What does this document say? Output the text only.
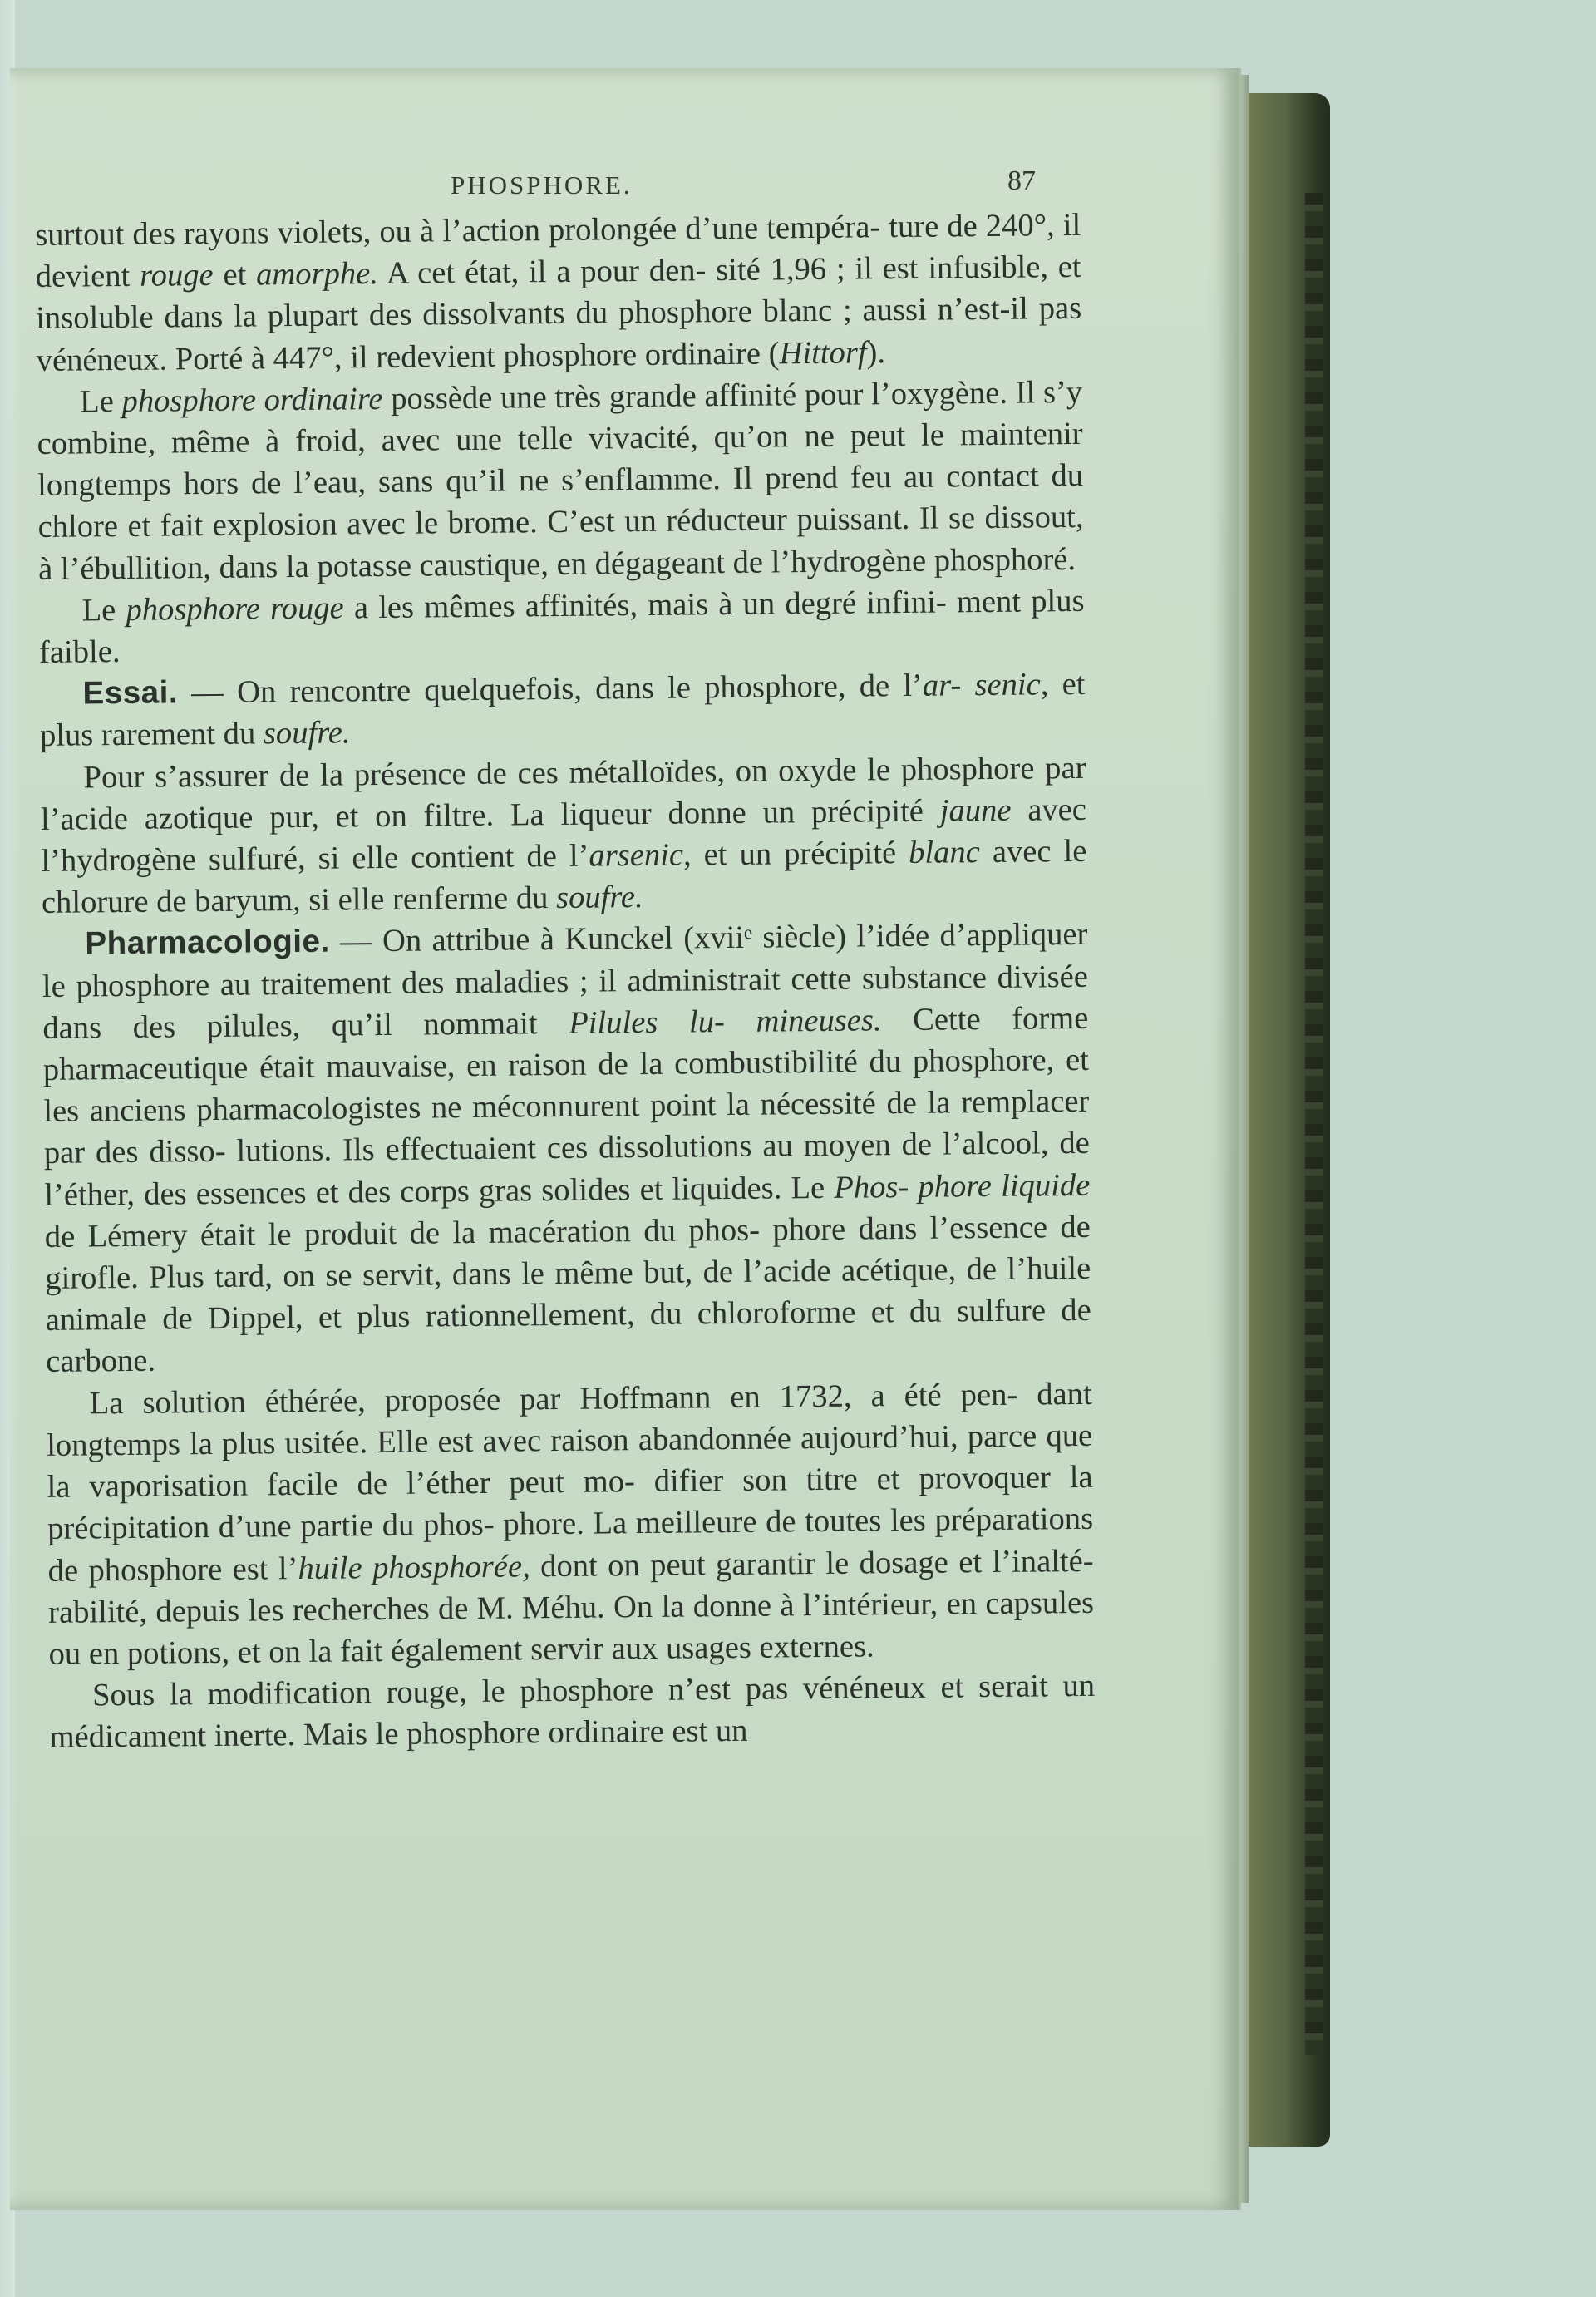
PHOSPHORE.	87

surtout des rayons violets, ou à l’action prolongée d’une tempéra- ture de 240°, il devient rouge et amorphe. A cet état, il a pour den- sité 1,96 ; il est infusible, et insoluble dans la plupart des dissolvants du phosphore blanc ; aussi n’est-il pas vénéneux. Porté à 447°, il redevient phosphore ordinaire (Hittorf).

Le phosphore ordinaire possède une très grande affinité pour l’oxygène. Il s’y combine, même à froid, avec une telle vivacité, qu’on ne peut le maintenir longtemps hors de l’eau, sans qu’il ne s’enflamme. Il prend feu au contact du chlore et fait explosion avec le brome. C’est un réducteur puissant. Il se dissout, à l’ébullition, dans la potasse caustique, en dégageant de l’hydrogène phosphoré.

Le phosphore rouge a les mêmes affinités, mais à un degré infini- ment plus faible.

Essai. — On rencontre quelquefois, dans le phosphore, de l’ar- senic, et plus rarement du soufre.

Pour s’assurer de la présence de ces métalloïdes, on oxyde le phosphore par l’acide azotique pur, et on filtre. La liqueur donne un précipité jaune avec l’hydrogène sulfuré, si elle contient de l’arsenic, et un précipité blanc avec le chlorure de baryum, si elle renferme du soufre.

Pharmacologie. — On attribue à Kunckel (xviiᵉ siècle) l’idée d’appliquer le phosphore au traitement des maladies ; il administrait cette substance divisée dans des pilules, qu’il nommait Pilules lu- mineuses. Cette forme pharmaceutique était mauvaise, en raison de la combustibilité du phosphore, et les anciens pharmacologistes ne méconnurent point la nécessité de la remplacer par des disso- lutions. Ils effectuaient ces dissolutions au moyen de l’alcool, de l’éther, des essences et des corps gras solides et liquides. Le Phos- phore liquide de Lémery était le produit de la macération du phos- phore dans l’essence de girofle. Plus tard, on se servit, dans le même but, de l’acide acétique, de l’huile animale de Dippel, et plus rationnellement, du chloroforme et du sulfure de carbone.

La solution éthérée, proposée par Hoffmann en 1732, a été pen- dant longtemps la plus usitée. Elle est avec raison abandonnée aujourd’hui, parce que la vaporisation facile de l’éther peut mo- difier son titre et provoquer la précipitation d’une partie du phos- phore. La meilleure de toutes les préparations de phosphore est l’huile phosphorée, dont on peut garantir le dosage et l’inalté- rabilité, depuis les recherches de M. Méhu. On la donne à l’intérieur, en capsules ou en potions, et on la fait également servir aux usages externes.

Sous la modification rouge, le phosphore n’est pas vénéneux et serait un médicament inerte. Mais le phosphore ordinaire est un
